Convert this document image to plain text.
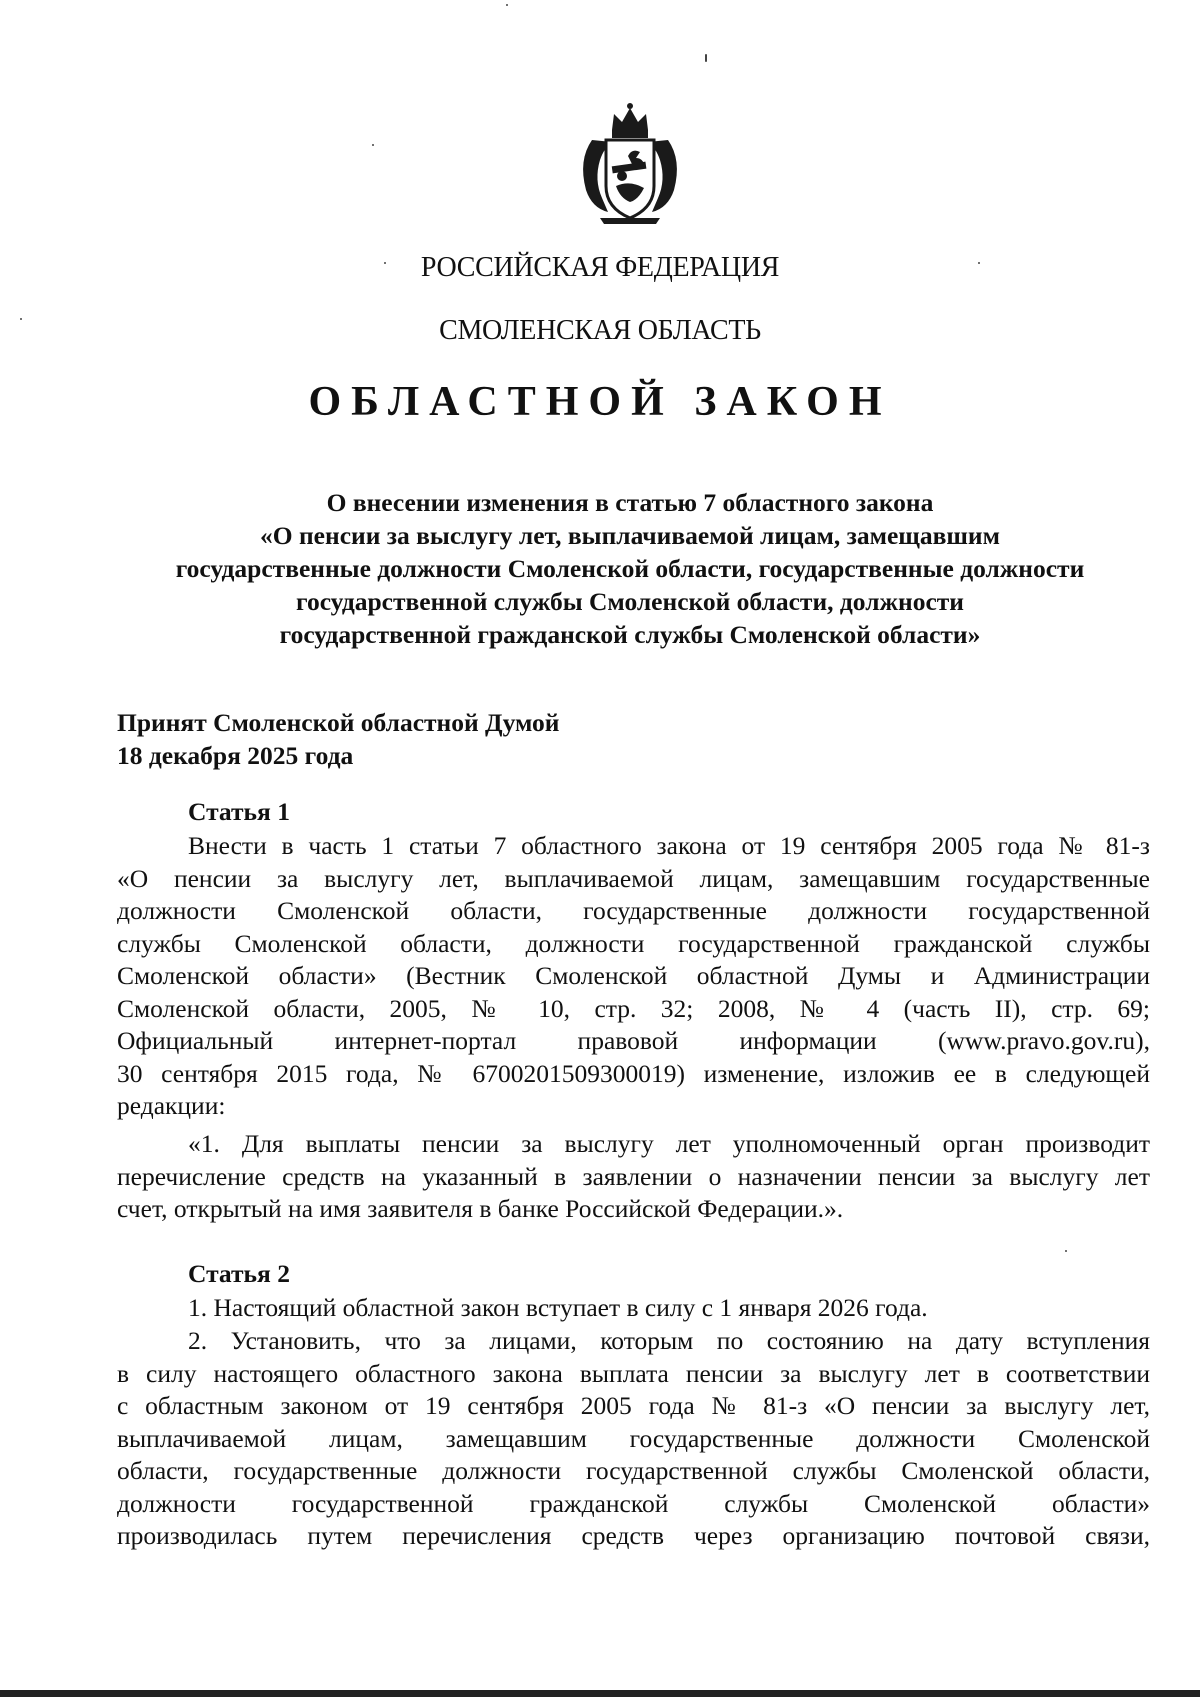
РОССИЙСКАЯ ФЕДЕРАЦИЯ
СМОЛЕНСКАЯ ОБЛАСТЬ
ОБЛАСТНОЙ ЗАКОН
О внесении изменения в статью 7 областного закона
«О пенсии за выслугу лет, выплачиваемой лицам, замещавшим
государственные должности Смоленской области, государственные должности
государственной службы Смоленской области, должности
государственной гражданской службы Смоленской области»
Принят Смоленской областной Думой
18 декабря 2025 года
Статья 1
Внести в часть 1 статьи 7 областного закона от 19 сентября 2005 года № 81-з
«О пенсии за выслугу лет, выплачиваемой лицам, замещавшим государственные
должности Смоленской области, государственные должности государственной
службы Смоленской области, должности государственной гражданской службы
Смоленской области» (Вестник Смоленской областной Думы и Администрации
Смоленской области, 2005, № 10, стр. 32; 2008, № 4 (часть II), стр. 69;
Официальный интернет-портал правовой информации (www.pravo.gov.ru),
30 сентября 2015 года, № 6700201509300019) изменение, изложив ее в следующей
редакции:
«1. Для выплаты пенсии за выслугу лет уполномоченный орган производит
перечисление средств на указанный в заявлении о назначении пенсии за выслугу лет
счет, открытый на имя заявителя в банке Российской Федерации.».
Статья 2
1. Настоящий областной закон вступает в силу с 1 января 2026 года.
2. Установить, что за лицами, которым по состоянию на дату вступления
в силу настоящего областного закона выплата пенсии за выслугу лет в соответствии
с областным законом от 19 сентября 2005 года № 81-з «О пенсии за выслугу лет,
выплачиваемой лицам, замещавшим государственные должности Смоленской
области, государственные должности государственной службы Смоленской области,
должности государственной гражданской службы Смоленской области»
производилась путем перечисления средств через организацию почтовой связи,
